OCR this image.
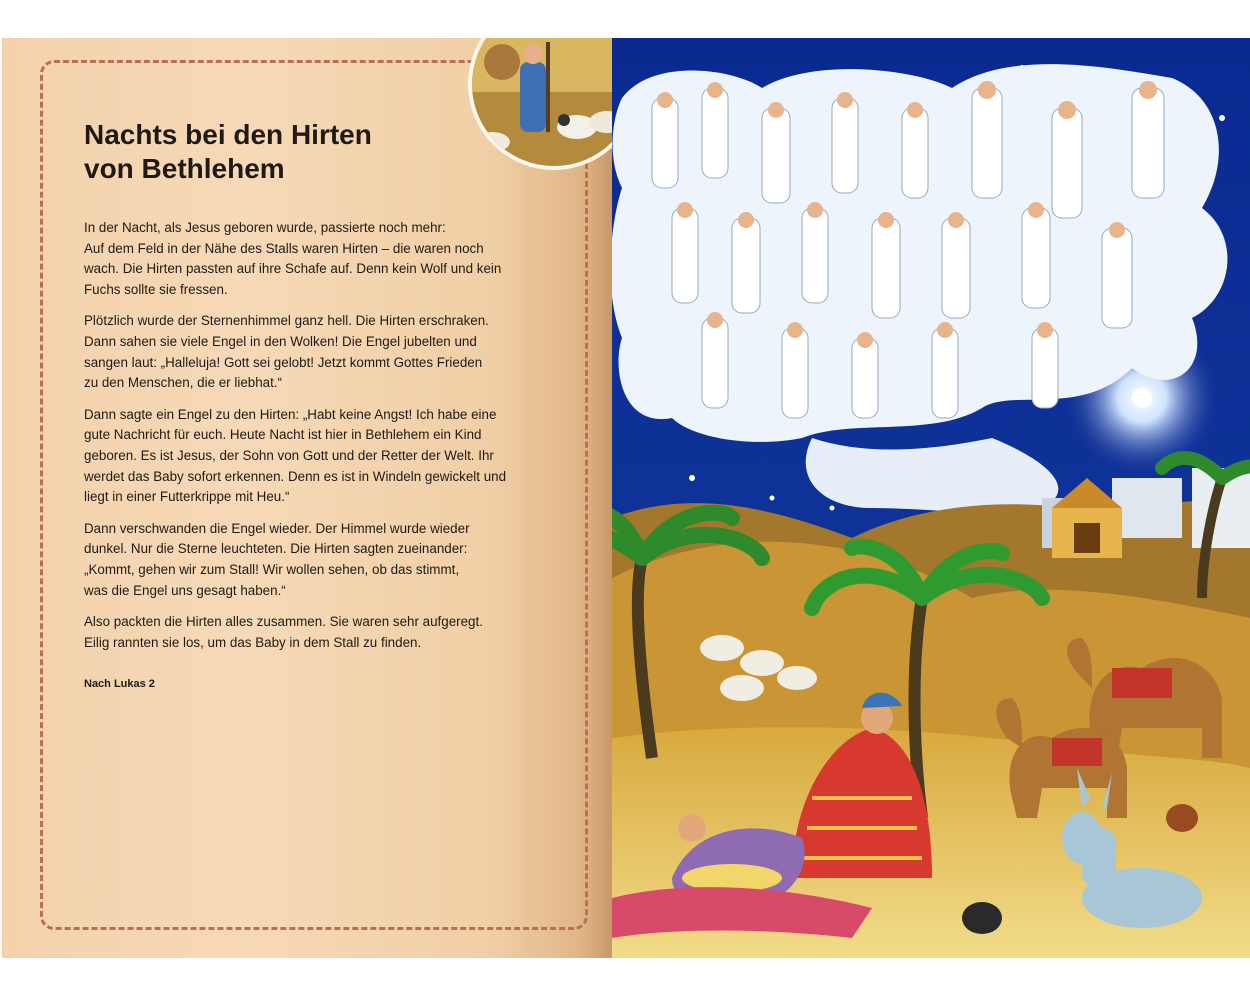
Nachts bei den Hirten
von Bethlehem

In der Nacht, als Jesus geboren wurde, passierte noch mehr:
Auf dem Feld in der Nähe des Stalls waren Hirten – die waren noch
wach. Die Hirten passten auf ihre Schafe auf. Denn kein Wolf und kein
Fuchs sollte sie fressen.

Plötzlich wurde der Sternenhimmel ganz hell. Die Hirten erschraken.
Dann sahen sie viele Engel in den Wolken! Die Engel jubelten und
sangen laut: „Halleluja! Gott sei gelobt! Jetzt kommt Gottes Frieden
zu den Menschen, die er liebhat.“

Dann sagte ein Engel zu den Hirten: „Habt keine Angst! Ich habe eine
gute Nachricht für euch. Heute Nacht ist hier in Bethlehem ein Kind
geboren. Es ist Jesus, der Sohn von Gott und der Retter der Welt. Ihr
werdet das Baby sofort erkennen. Denn es ist in Windeln gewickelt und
liegt in einer Futterkrippe mit Heu.“

Dann verschwanden die Engel wieder. Der Himmel wurde wieder
dunkel. Nur die Sterne leuchteten. Die Hirten sagten zueinander:
„Kommt, gehen wir zum Stall! Wir wollen sehen, ob das stimmt,
was die Engel uns gesagt haben.“

Also packten die Hirten alles zusammen. Sie waren sehr aufgeregt.
Eilig rannten sie los, um das Baby in dem Stall zu finden.

Nach Lukas 2
